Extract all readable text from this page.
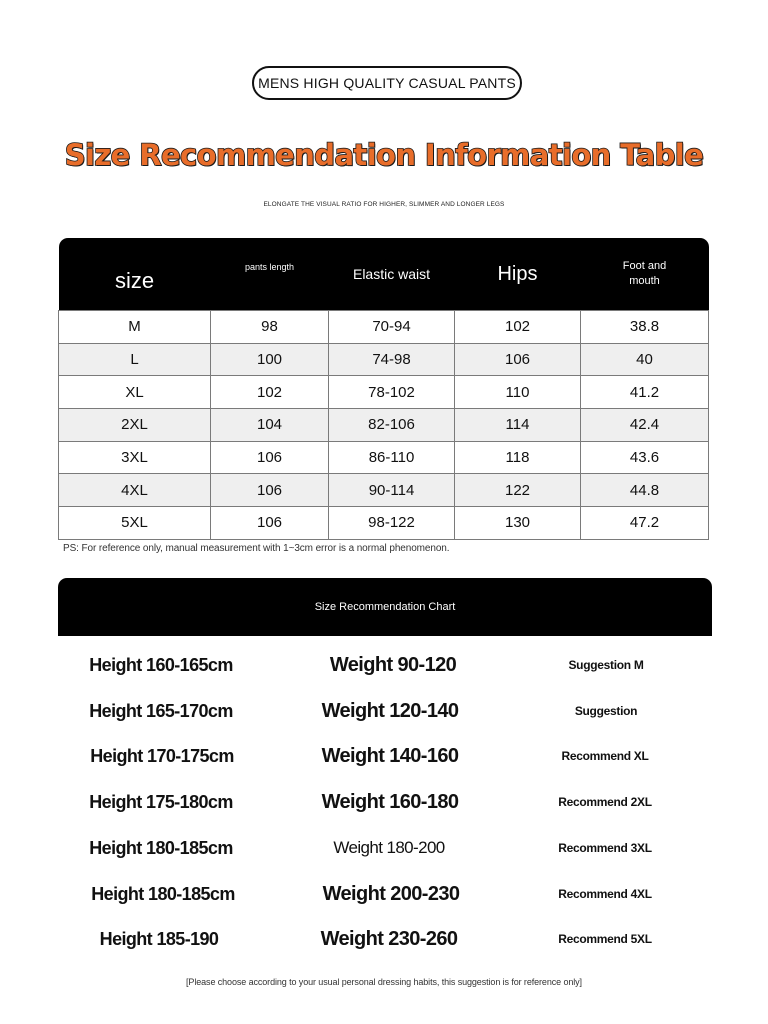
MENS HIGH QUALITY CASUAL PANTS
Size Recommendation Information Table
ELONGATE THE VISUAL RATIO FOR HIGHER, SLIMMER AND LONGER LEGS
size	pants length	Elastic waist	Hips	Foot and
mouth

M	98	70-94	102	38.8
L	100	74-98	106	40
XL	102	78-102	110	41.2
2XL	104	82-106	114	42.4
3XL	106	86-110	118	43.6
4XL	106	90-114	122	44.8
5XL	106	98-122	130	47.2
PS: For reference only, manual measurement with 1~3cm error is a normal phenomenon.
Size Recommendation Chart
Height 160-165cm	Weight 90-120	Suggestion M
Height 165-170cm	Weight 120-140	Suggestion
Height 170-175cm	Weight 140-160	Recommend XL
Height 175-180cm	Weight 160-180	Recommend 2XL
Height 180-185cm	Weight 180-200	Recommend 3XL
Height 180-185cm	Weight 200-230	Recommend 4XL
Height 185-190	Weight 230-260	Recommend 5XL
[Please choose according to your usual personal dressing habits, this suggestion is for reference only]
